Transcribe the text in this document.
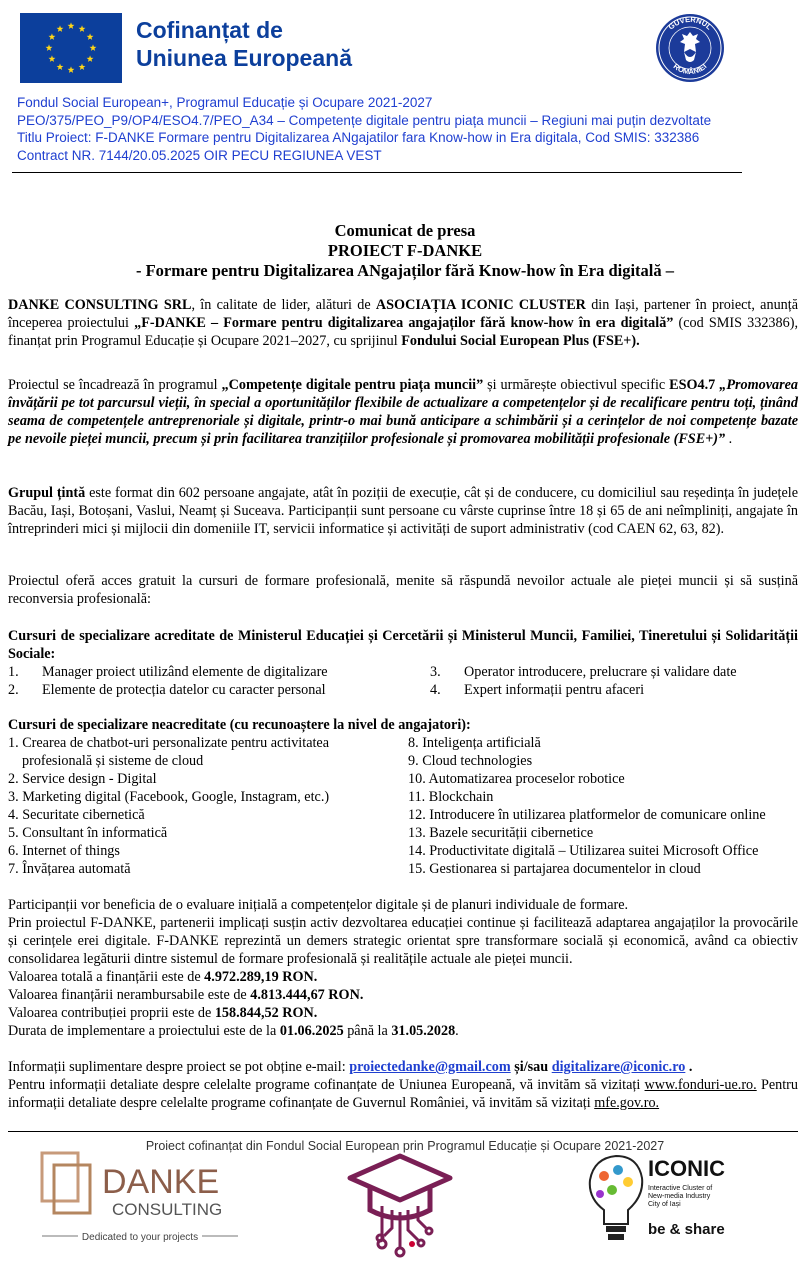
Cofinanțat de
Uniunea Europeană
GUVERNUL
ROMÂNIEI
Fondul Social European+, Programul Educație și Ocupare 2021-2027
PEO/375/PEO_P9/OP4/ESO4.7/PEO_A34 – Competențe digitale pentru piața muncii – Regiuni mai puțin dezvoltate
Titlu Proiect: F-DANKE Formare pentru Digitalizarea ANgajatilor fara Know-how in Era digitala, Cod SMIS: 332386
Contract NR. 7144/20.05.2025 OIR PECU REGIUNEA VEST
Comunicat de presa
PROIECT F-DANKE
- Formare pentru Digitalizarea ANgajaților fără Know-how în Era digitală –

DANKE CONSULTING SRL, în calitate de lider, alături de ASOCIAȚIA ICONIC CLUSTER din Iași, partener în proiect, anunță începerea proiectului „F-DANKE – Formare pentru digitalizarea angajaților fără know-how în era digitală” (cod SMIS 332386), finanțat prin Programul Educație și Ocupare 2021–2027, cu sprijinul Fondului Social European Plus (FSE+).

Proiectul se încadrează în programul „Competențe digitale pentru piața muncii” și urmărește obiectivul specific ESO4.7 „Promovarea învățării pe tot parcursul vieții, în special a oportunităților flexibile de actualizare a competențelor și de recalificare pentru toți, ținând seama de competențele antreprenoriale și digitale, printr-o mai bună anticipare a schimbării și a cerințelor de noi competențe bazate pe nevoile pieței muncii, precum și prin facilitarea tranzițiilor profesionale și promovarea mobilității profesionale (FSE+)” .

Grupul țintă este format din 602 persoane angajate, atât în poziții de execuție, cât și de conducere, cu domiciliul sau reședința în județele Bacău, Iași, Botoșani, Vaslui, Neamț și Suceava. Participanții sunt persoane cu vârste cuprinse între 18 și 65 de ani neîmpliniți, angajate în întreprinderi mici și mijlocii din domeniile IT, servicii informatice și activități de suport administrativ (cod CAEN 62, 63, 82).

Proiectul oferă acces gratuit la cursuri de formare profesională, menite să răspundă nevoilor actuale ale pieței muncii și să susțină reconversia profesională:

Cursuri de specializare acreditate de Ministerul Educației și Cercetării și Ministerul Muncii, Familiei, Tineretului și Solidarității Sociale:

1. Manager proiect utilizând elemente de digitalizare
2. Elemente de protecția datelor cu caracter personal
3. Operator introducere, prelucrare și validare date
4. Expert informații pentru afaceri

Cursuri de specializare neacreditate (cu recunoaștere la nivel de angajatori):

1. Crearea de chatbot-uri personalizate pentru activitatea
profesională și sisteme de cloud
2. Service design - Digital
3. Marketing digital (Facebook, Google, Instagram, etc.)
4. Securitate cibernetică
5. Consultant în informatică
6. Internet of things
7. Învățarea automată
8. Inteligența artificială
9. Cloud technologies
10. Automatizarea proceselor robotice
11. Blockchain
12. Introducere în utilizarea platformelor de comunicare online
13. Bazele securității cibernetice
14. Productivitate digitală – Utilizarea suitei Microsoft Office
15. Gestionarea si partajarea documentelor in cloud

Participanții vor beneficia de o evaluare inițială a competențelor digitale și de planuri individuale de formare.

Prin proiectul F-DANKE, partenerii implicați susțin activ dezvoltarea educației continue și facilitează adaptarea angajaților la provocările și cerințele erei digitale. F-DANKE reprezintă un demers strategic orientat spre transformare socială și economică, având ca obiectiv consolidarea legăturii dintre sistemul de formare profesională și realitățile actuale ale pieței muncii.

Valoarea totală a finanțării este de 4.972.289,19 RON.

Valoarea finanțării nerambursabile este de 4.813.444,67 RON.

Valoarea contribuției proprii este de 158.844,52 RON.

Durata de implementare a proiectului este de la 01.06.2025 până la 31.05.2028.

Informații suplimentare despre proiect se pot obține e-mail: proiectedanke@gmail.com și/sau digitalizare@iconic.ro .

Pentru informații detaliate despre celelalte programe cofinanțate de Uniunea Europeană, vă invităm să vizitați www.fonduri-ue.ro. Pentru informații detaliate despre celelalte programe cofinanțate de Guvernul României, vă invităm să vizitați mfe.gov.ro.

Proiect cofinanțat din Fondul Social European prin Programul Educație și Ocupare 2021-2027
DANKE
CONSULTING
Dedicated to your projects
ICONIC
Interactive Cluster of
New-media Industry
City of Iași
be & share
